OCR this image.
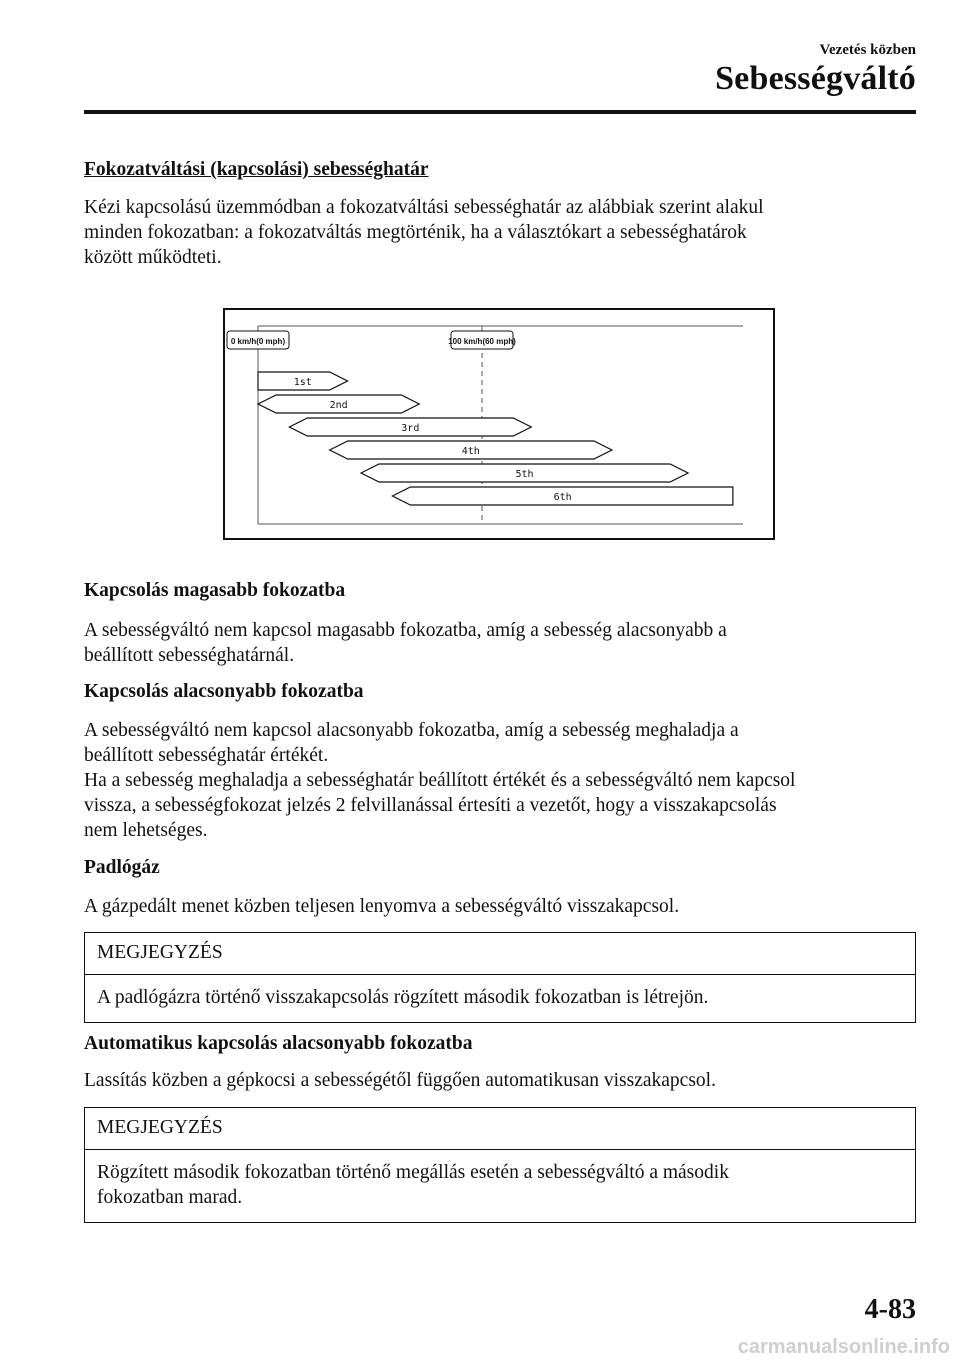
Vezetés közben
Sebességváltó
Fokozatváltási (kapcsolási) sebességhatár
Kézi kapcsolású üzemmódban a fokozatváltási sebességhatár az alábbiak szerint alakul
minden fokozatban: a fokozatváltás megtörténik, ha a választókart a sebességhatárok
között működteti.
Kapcsolás magasabb fokozatba
A sebességváltó nem kapcsol magasabb fokozatba, amíg a sebesség alacsonyabb a
beállított sebességhatárnál.
Kapcsolás alacsonyabb fokozatba
A sebességváltó nem kapcsol alacsonyabb fokozatba, amíg a sebesség meghaladja a
beállított sebességhatár értékét.
Ha a sebesség meghaladja a sebességhatár beállított értékét és a sebességváltó nem kapcsol
vissza, a sebességfokozat jelzés 2 felvillanással értesíti a vezetőt, hogy a visszakapcsolás
nem lehetséges.
Padlógáz
A gázpedált menet közben teljesen lenyomva a sebességváltó visszakapcsol.
MEGJEGYZÉS
A padlógázra történő visszakapcsolás rögzített második fokozatban is létrejön.
Automatikus kapcsolás alacsonyabb fokozatba
Lassítás közben a gépkocsi a sebességétől függően automatikusan visszakapcsol.
MEGJEGYZÉS
Rögzített második fokozatban történő megállás esetén a sebességváltó a második
fokozatban marad.
0 km/h(0 mph)	100 km/h(60 mph)
1st
2nd
3rd
4th
5th
6th
4-83
carmanualsonline.info
